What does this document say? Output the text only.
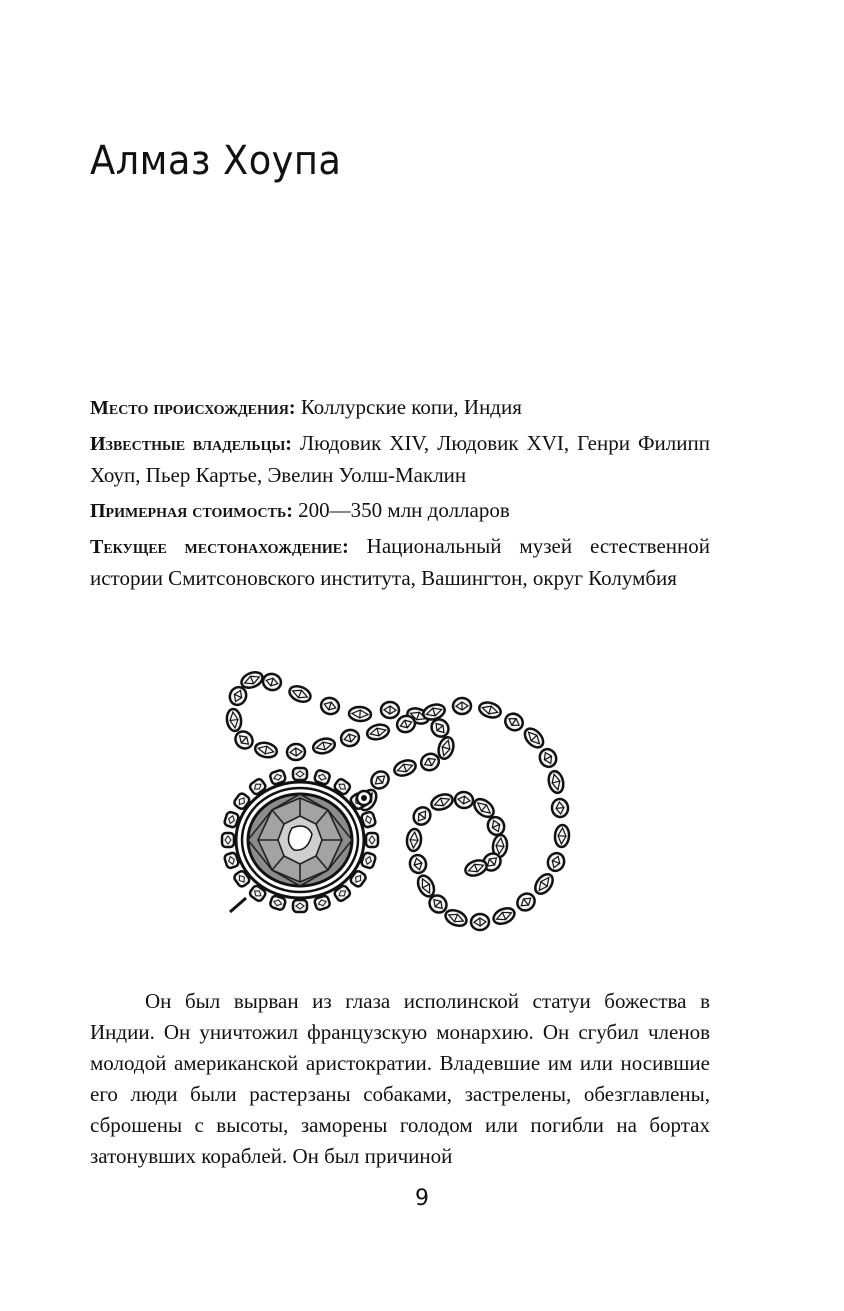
Алмаз Хоупа

Место происхождения: Коллурские копи, Индия

Известные владельцы: Людовик XIV, Людовик XVI, Генри Филипп Хоуп, Пьер Картье, Эвелин Уолш-Маклин

Примерная стоимость: 200—350 млн долларов

Текущее местонахождение: Национальный музей естественной истории Смитсоновского института, Вашингтон, округ Колумбия

Он был вырван из глаза исполинской статуи божества в Индии. Он уничтожил французскую монархию. Он сгубил членов молодой американской аристократии. Владевшие им или носившие его люди были растерзаны собаками, застрелены, обезглавлены, сброшены с высоты, заморены голодом или погибли на бортах затонувших кораблей. Он был причиной

9
